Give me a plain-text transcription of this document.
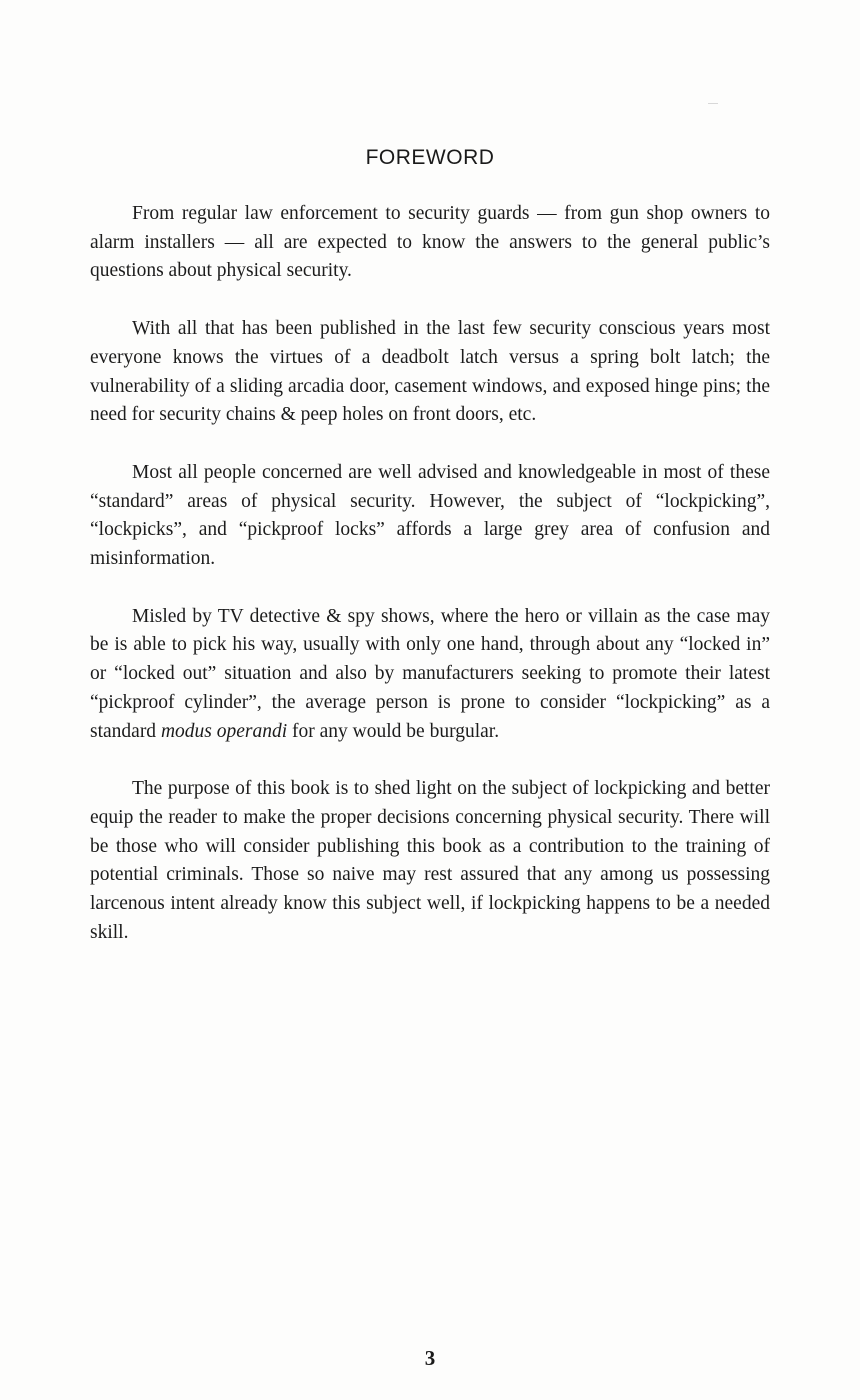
FOREWORD

From regular law enforcement to security guards — from gun shop owners to alarm installers — all are expected to know the answers to the general public’s questions about physical security.

With all that has been published in the last few security conscious years most everyone knows the virtues of a deadbolt latch versus a spring bolt latch; the vulnerability of a sliding arcadia door, casement windows, and exposed hinge pins; the need for security chains & peep holes on front doors, etc.

Most all people concerned are well advised and knowledgeable in most of these “standard” areas of physical security. However, the subject of “lockpicking”, “lockpicks”, and “pickproof locks” affords a large grey area of confusion and misinformation.

Misled by TV detective & spy shows, where the hero or villain as the case may be is able to pick his way, usually with only one hand, through about any “locked in” or “locked out” situation and also by manufacturers seeking to promote their latest “pickproof cylinder”, the average person is prone to consider “lockpicking” as a standard modus operandi for any would be burgular.

The purpose of this book is to shed light on the subject of lockpicking and better equip the reader to make the proper decisions concerning physical security. There will be those who will consider publishing this book as a contribution to the training of potential criminals. Those so naive may rest assured that any among us possessing larcenous intent already know this subject well, if lockpicking happens to be a needed skill.

3
